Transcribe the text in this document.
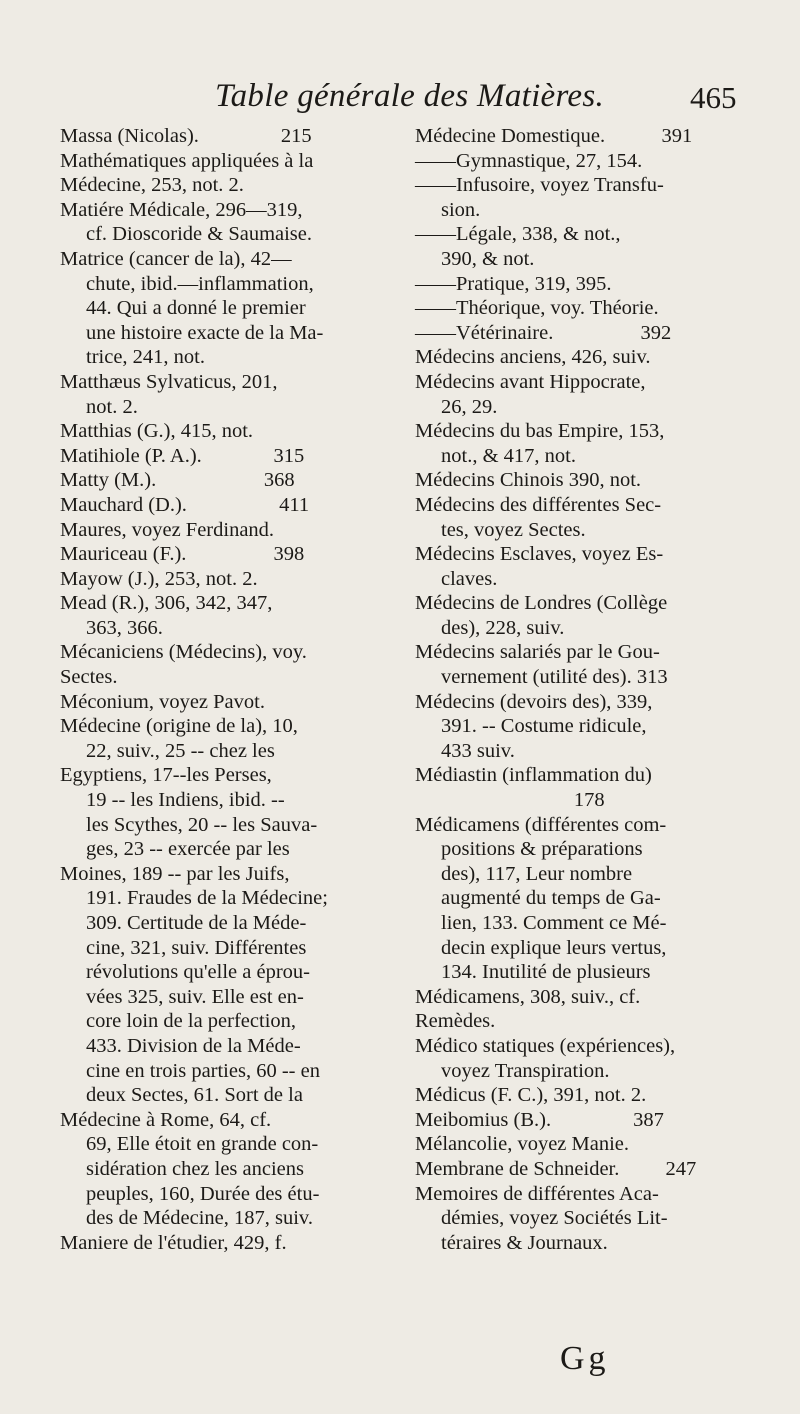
Table générale des Matières.	465
Massa (Nicolas).                215
Mathématiques appliquées à la
Médecine, 253, not. 2.
Matiére Médicale, 296—319,
cf. Dioscoride & Saumaise.
Matrice (cancer de la), 42—
chute, ibid.—inflammation,
44. Qui a donné le premier
une histoire exacte de la Ma-
trice, 241, not.
Matthæus Sylvaticus, 201,
not. 2.
Matthias (G.), 415, not.
Matihiole (P. A.).              315
Matty (M.).                     368
Mauchard (D.).                  411
Maures, voyez Ferdinand.
Mauriceau (F.).                 398
Mayow (J.), 253, not. 2.
Mead (R.), 306, 342, 347,
363, 366.
Mécaniciens (Médecins), voy.
Sectes.
Méconium, voyez Pavot.
Médecine (origine de la), 10,
22, suiv., 25 -- chez les
Egyptiens, 17--les Perses,
19 -- les Indiens, ibid. --
les Scythes, 20 -- les Sauva-
ges, 23 -- exercée par les
Moines, 189 -- par les Juifs,
191. Fraudes de la Médecine;
309. Certitude de la Méde-
cine, 321, suiv. Différentes
révolutions qu'elle a éprou-
vées 325, suiv. Elle est en-
core loin de la perfection,
433. Division de la Méde-
cine en trois parties, 60 -- en
deux Sectes, 61. Sort de la
Médecine à Rome, 64, cf.
69, Elle étoit en grande con-
sidération chez les anciens
peuples, 160, Durée des étu-
des de Médecine, 187, suiv.
Maniere de l'étudier, 429, f.
Médecine Domestique.           391
——Gymnastique, 27, 154.
——Infusoire, voyez Transfu-
sion.
——Légale, 338, & not.,
390, & not.
——Pratique, 319, 395.
——Théorique, voy. Théorie.
——Vétérinaire.                 392
Médecins anciens, 426, suiv.
Médecins avant Hippocrate,
26, 29.
Médecins du bas Empire, 153,
not., & 417, not.
Médecins Chinois 390, not.
Médecins des différentes Sec-
tes, voyez Sectes.
Médecins Esclaves, voyez Es-
claves.
Médecins de Londres (Collège
des), 228, suiv.
Médecins salariés par le Gou-
vernement (utilité des). 313
Médecins (devoirs des), 339,
391. -- Costume ridicule,
433 suiv.
Médiastin (inflammation du)
178
Médicamens (différentes com-
positions & préparations
des), 117, Leur nombre
augmenté du temps de Ga-
lien, 133. Comment ce Mé-
decin explique leurs vertus,
134. Inutilité de plusieurs
Médicamens, 308, suiv., cf.
Remèdes.
Médico statiques (expériences),
voyez Transpiration.
Médicus (F. C.), 391, not. 2.
Meibomius (B.).                387
Mélancolie, voyez Manie.
Membrane de Schneider.         247
Memoires de différentes Aca-
démies, voyez Sociétés Lit-
téraires & Journaux.
Gg
